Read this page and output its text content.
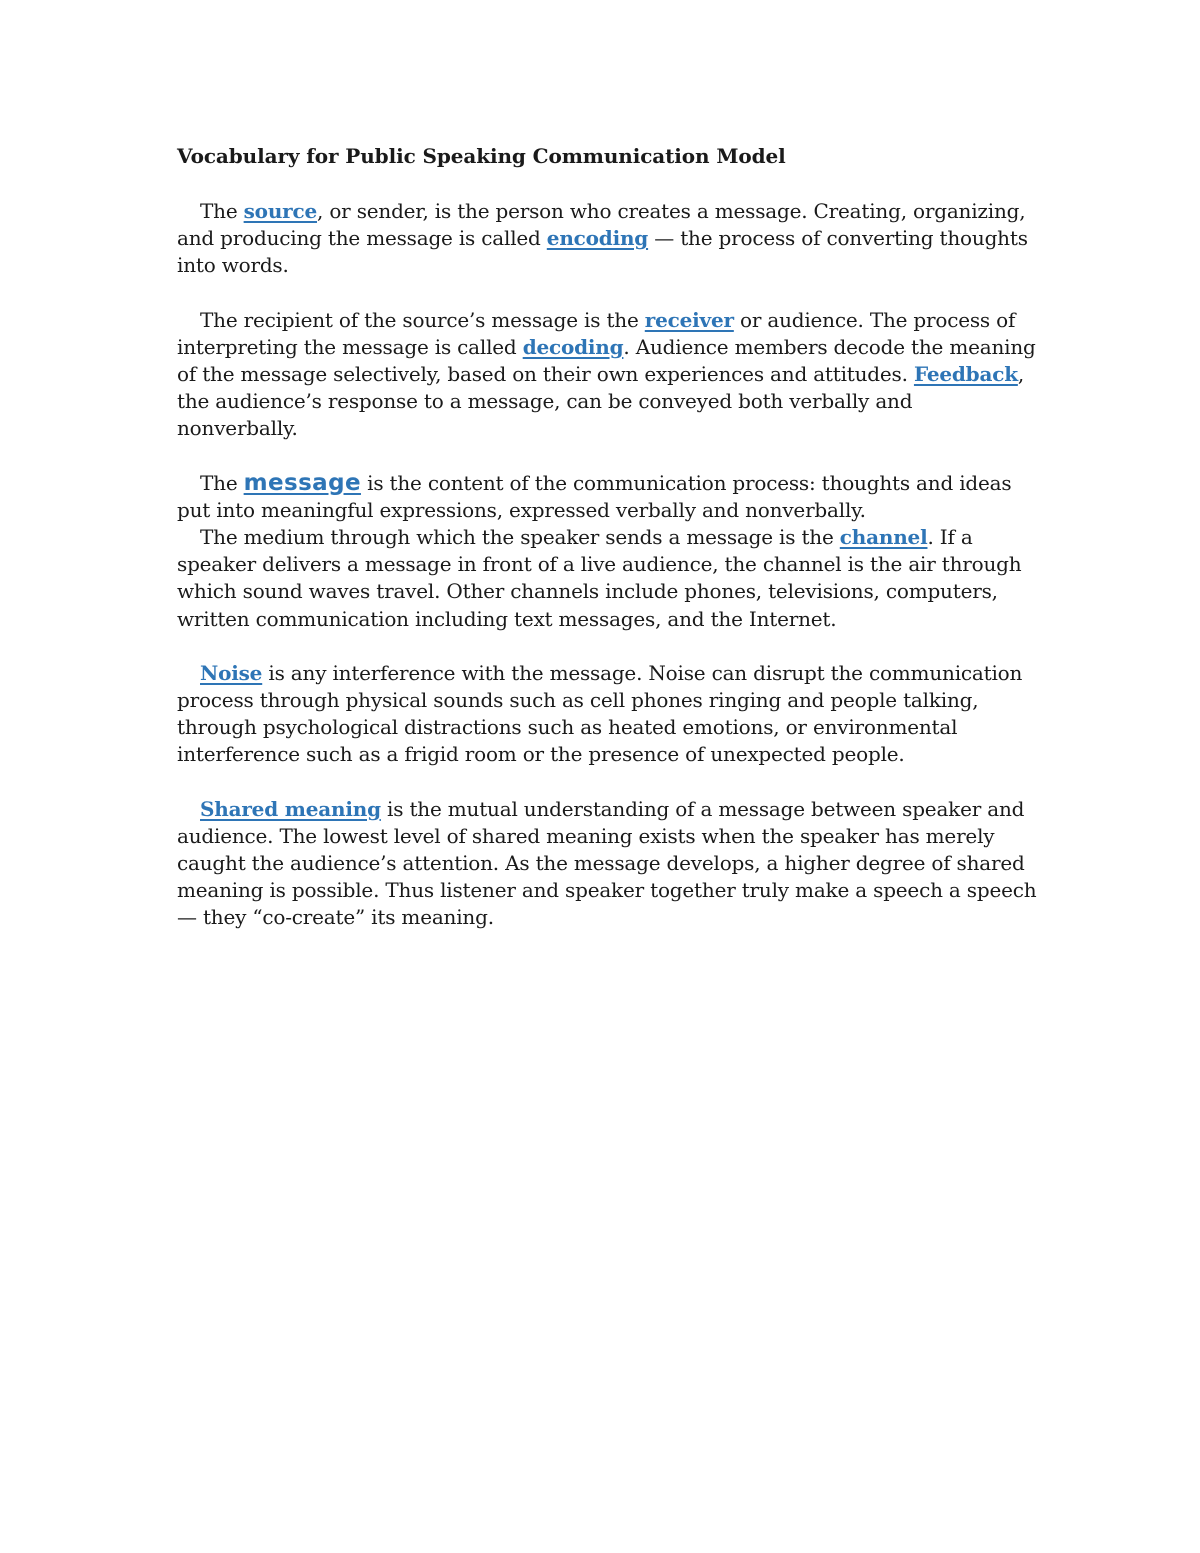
Vocabulary for Public Speaking Communication Model

The source, or sender, is the person who creates a message. Creating, organizing, and producing the message is called encoding — the process of converting thoughts into words.

The recipient of the source’s message is the receiver or audience. The process of interpreting the message is called decoding. Audience members decode the meaning of the message selectively, based on their own experiences and attitudes. Feedback, the audience’s response to a message, can be conveyed both verbally and nonverbally.

The message is the content of the communication process: thoughts and ideas put into meaningful expressions, expressed verbally and nonverbally.

The medium through which the speaker sends a message is the channel. If a speaker delivers a message in front of a live audience, the channel is the air through which sound waves travel. Other channels include phones, televisions, computers, written communication including text messages, and the Internet.

Noise is any interference with the message. Noise can disrupt the communication process through physical sounds such as cell phones ringing and people talking, through psychological distractions such as heated emotions, or environmental interference such as a frigid room or the presence of unexpected people.

Shared meaning is the mutual understanding of a message between speaker and audience. The lowest level of shared meaning exists when the speaker has merely caught the audience’s attention. As the message develops, a higher degree of shared meaning is possible. Thus listener and speaker together truly make a speech a speech — they “co-create” its meaning.
